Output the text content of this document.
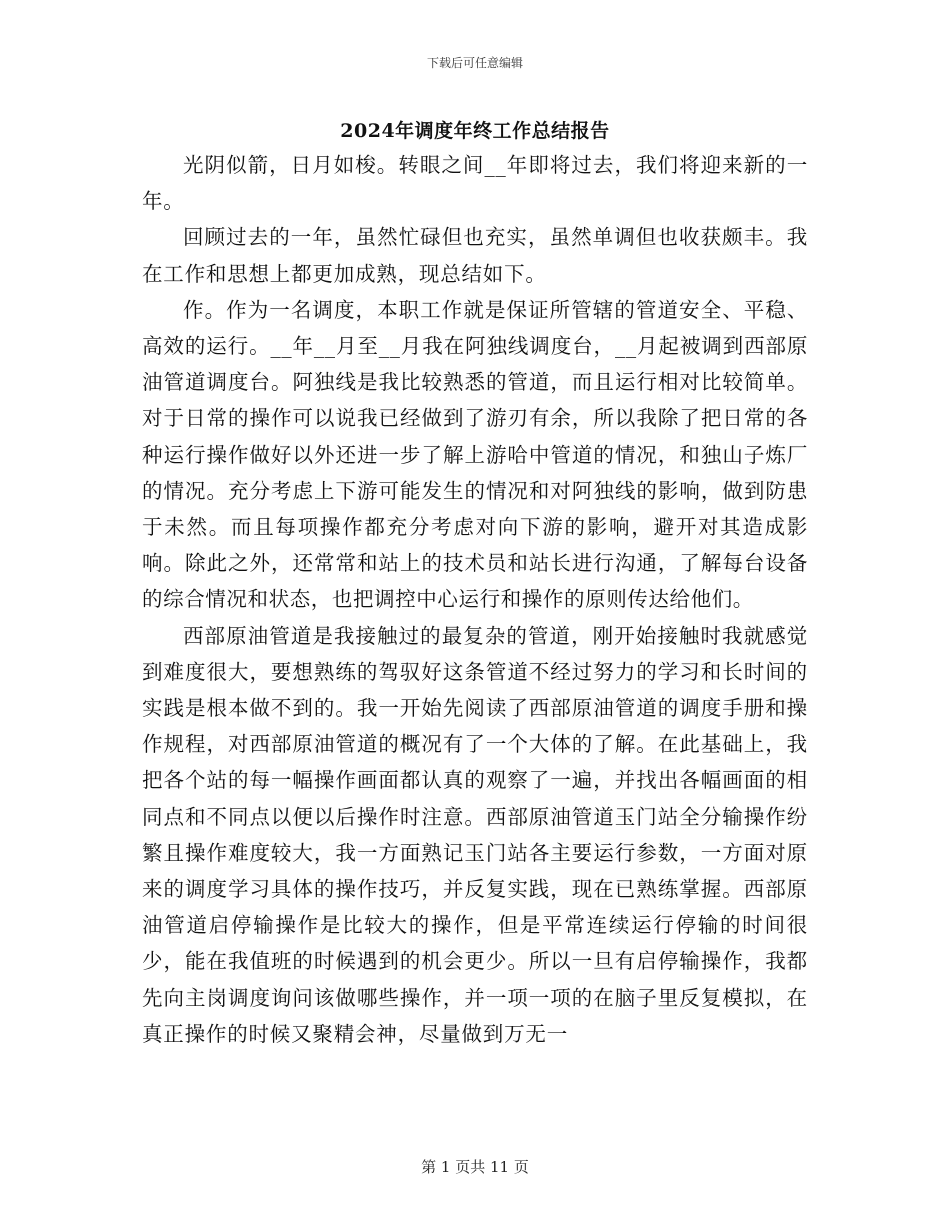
下载后可任意编辑
2024年调度年终工作总结报告

光阴似箭，日月如梭。转眼之间__年即将过去，我们将迎来新的一年。

回顾过去的一年，虽然忙碌但也充实，虽然单调但也收获颇丰。我在工作和思想上都更加成熟，现总结如下。

作。作为一名调度，本职工作就是保证所管辖的管道安全、平稳、高效的运行。__年__月至__月我在阿独线调度台，__月起被调到西部原油管道调度台。阿独线是我比较熟悉的管道，而且运行相对比较简单。对于日常的操作可以说我已经做到了游刃有余，所以我除了把日常的各种运行操作做好以外还进一步了解上游哈中管道的情况，和独山子炼厂的情况。充分考虑上下游可能发生的情况和对阿独线的影响，做到防患于未然。而且每项操作都充分考虑对向下游的影响，避开对其造成影响。除此之外，还常常和站上的技术员和站长进行沟通，了解每台设备的综合情况和状态，也把调控中心运行和操作的原则传达给他们。

西部原油管道是我接触过的最复杂的管道，刚开始接触时我就感觉到难度很大，要想熟练的驾驭好这条管道不经过努力的学习和长时间的实践是根本做不到的。我一开始先阅读了西部原油管道的调度手册和操作规程，对西部原油管道的概况有了一个大体的了解。在此基础上，我把各个站的每一幅操作画面都认真的观察了一遍，并找出各幅画面的相同点和不同点以便以后操作时注意。西部原油管道玉门站全分输操作纷繁且操作难度较大，我一方面熟记玉门站各主要运行参数，一方面对原来的调度学习具体的操作技巧，并反复实践，现在已熟练掌握。西部原油管道启停输操作是比较大的操作，但是平常连续运行停输的时间很少，能在我值班的时候遇到的机会更少。所以一旦有启停输操作，我都先向主岗调度询问该做哪些操作，并一项一项的在脑子里反复模拟，在真正操作的时候又聚精会神，尽量做到万无一

第 1 页共 11 页
